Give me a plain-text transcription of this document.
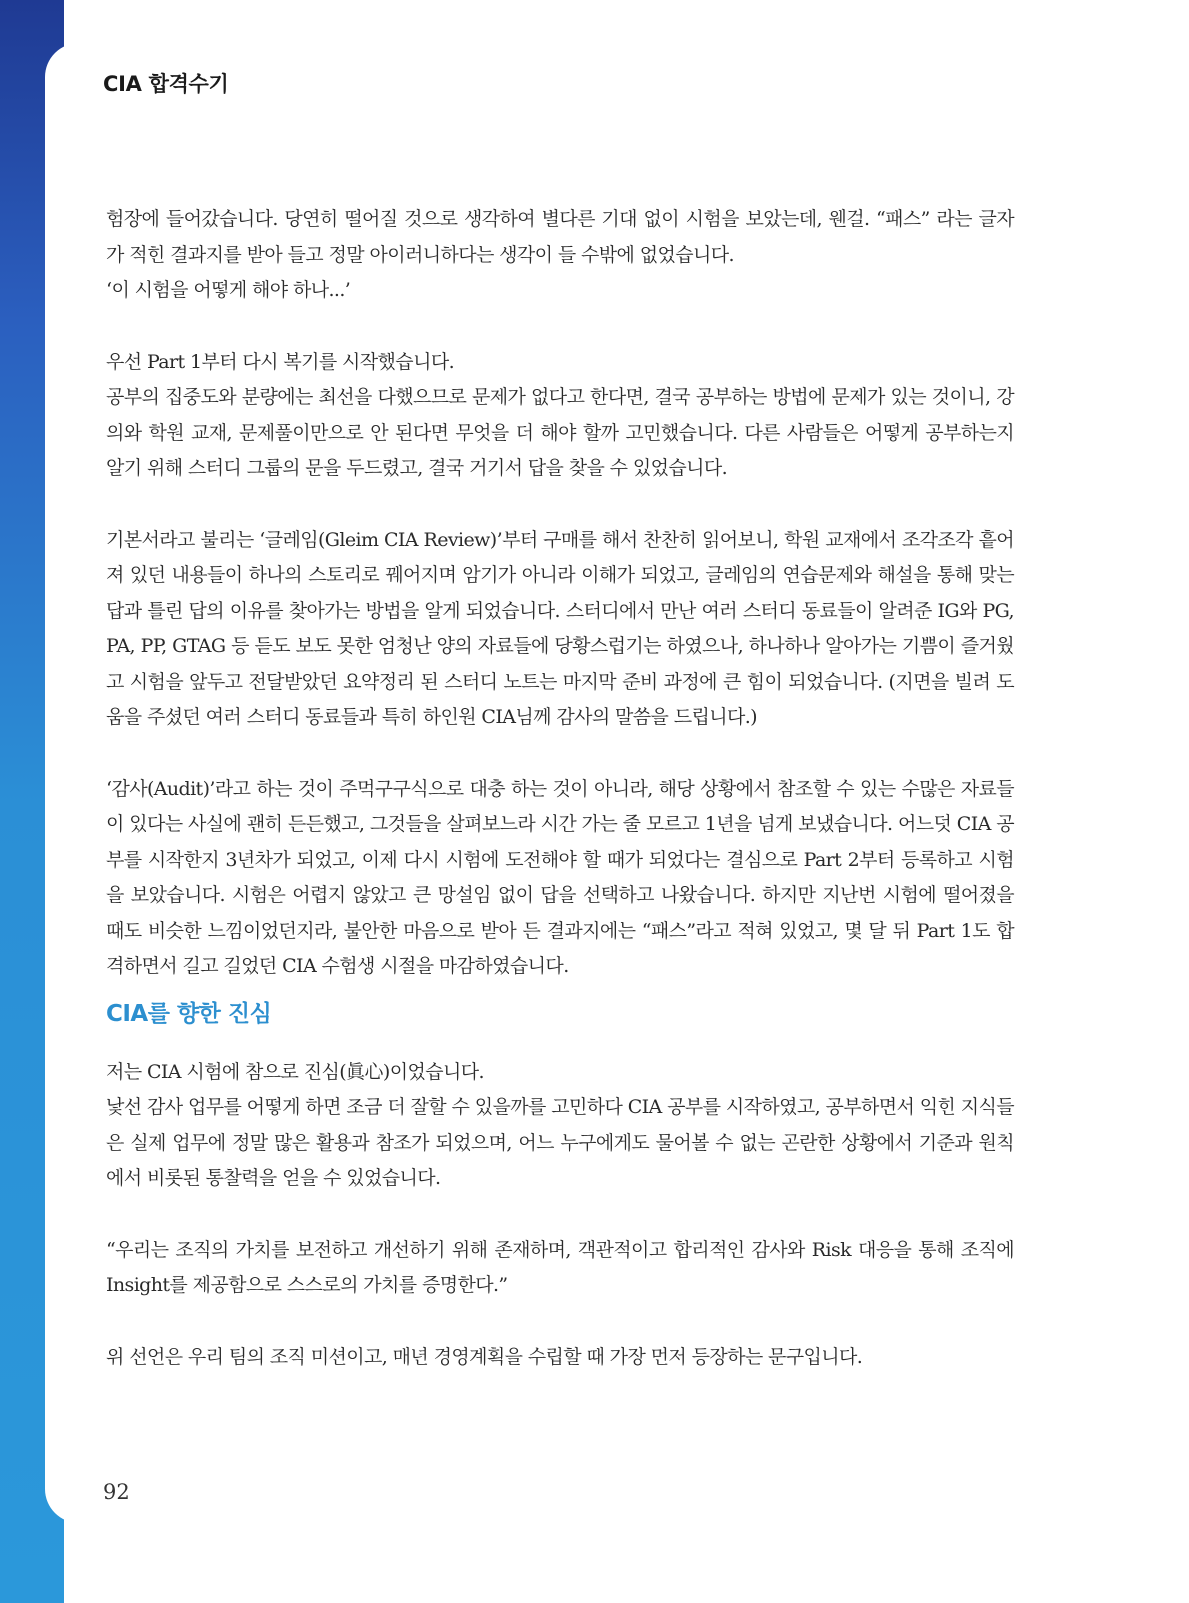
CIA 합격수기

험장에 들어갔습니다. 당연히 떨어질 것으로 생각하여 별다른 기대 없이 시험을 보았는데, 웬걸. “패스” 라는 글자가 적힌 결과지를 받아 들고 정말 아이러니하다는 생각이 들 수밖에 없었습니다.

‘이 시험을 어떻게 해야 하나...’

우선 Part 1부터 다시 복기를 시작했습니다.

공부의 집중도와 분량에는 최선을 다했으므로 문제가 없다고 한다면, 결국 공부하는 방법에 문제가 있는 것이니, 강의와 학원 교재, 문제풀이만으로 안 된다면 무엇을 더 해야 할까 고민했습니다. 다른 사람들은 어떻게 공부하는지 알기 위해 스터디 그룹의 문을 두드렸고, 결국 거기서 답을 찾을 수 있었습니다.

기본서라고 불리는 ‘글레임(Gleim CIA Review)’부터 구매를 해서 찬찬히 읽어보니, 학원 교재에서 조각조각 흩어져 있던 내용들이 하나의 스토리로 꿰어지며 암기가 아니라 이해가 되었고, 글레임의 연습문제와 해설을 통해 맞는 답과 틀린 답의 이유를 찾아가는 방법을 알게 되었습니다. 스터디에서 만난 여러 스터디 동료들이 알려준 IG와 PG, PA, PP, GTAG 등 듣도 보도 못한 엄청난 양의 자료들에 당황스럽기는 하였으나, 하나하나 알아가는 기쁨이 즐거웠고 시험을 앞두고 전달받았던 요약정리 된 스터디 노트는 마지막 준비 과정에 큰 힘이 되었습니다. (지면을 빌려 도움을 주셨던 여러 스터디 동료들과 특히 하인원 CIA님께 감사의 말씀을 드립니다.)

‘감사(Audit)’라고 하는 것이 주먹구구식으로 대충 하는 것이 아니라, 해당 상황에서 참조할 수 있는 수많은 자료들이 있다는 사실에 괜히 든든했고, 그것들을 살펴보느라 시간 가는 줄 모르고 1년을 넘게 보냈습니다. 어느덧 CIA 공부를 시작한지 3년차가 되었고, 이제 다시 시험에 도전해야 할 때가 되었다는 결심으로 Part 2부터 등록하고 시험을 보았습니다. 시험은 어렵지 않았고 큰 망설임 없이 답을 선택하고 나왔습니다. 하지만 지난번 시험에 떨어졌을 때도 비슷한 느낌이었던지라, 불안한 마음으로 받아 든 결과지에는 “패스”라고 적혀 있었고, 몇 달 뒤 Part 1도 합격하면서 길고 길었던 CIA 수험생 시절을 마감하였습니다.

CIA를 향한 진심

저는 CIA 시험에 참으로 진심(眞心)이었습니다.

낯선 감사 업무를 어떻게 하면 조금 더 잘할 수 있을까를 고민하다 CIA 공부를 시작하였고, 공부하면서 익힌 지식들은 실제 업무에 정말 많은 활용과 참조가 되었으며, 어느 누구에게도 물어볼 수 없는 곤란한 상황에서 기준과 원칙에서 비롯된 통찰력을 얻을 수 있었습니다.

“우리는 조직의 가치를 보전하고 개선하기 위해 존재하며, 객관적이고 합리적인 감사와 Risk 대응을 통해 조직에 Insight를 제공함으로 스스로의 가치를 증명한다.”

위 선언은 우리 팀의 조직 미션이고, 매년 경영계획을 수립할 때 가장 먼저 등장하는 문구입니다.

92
